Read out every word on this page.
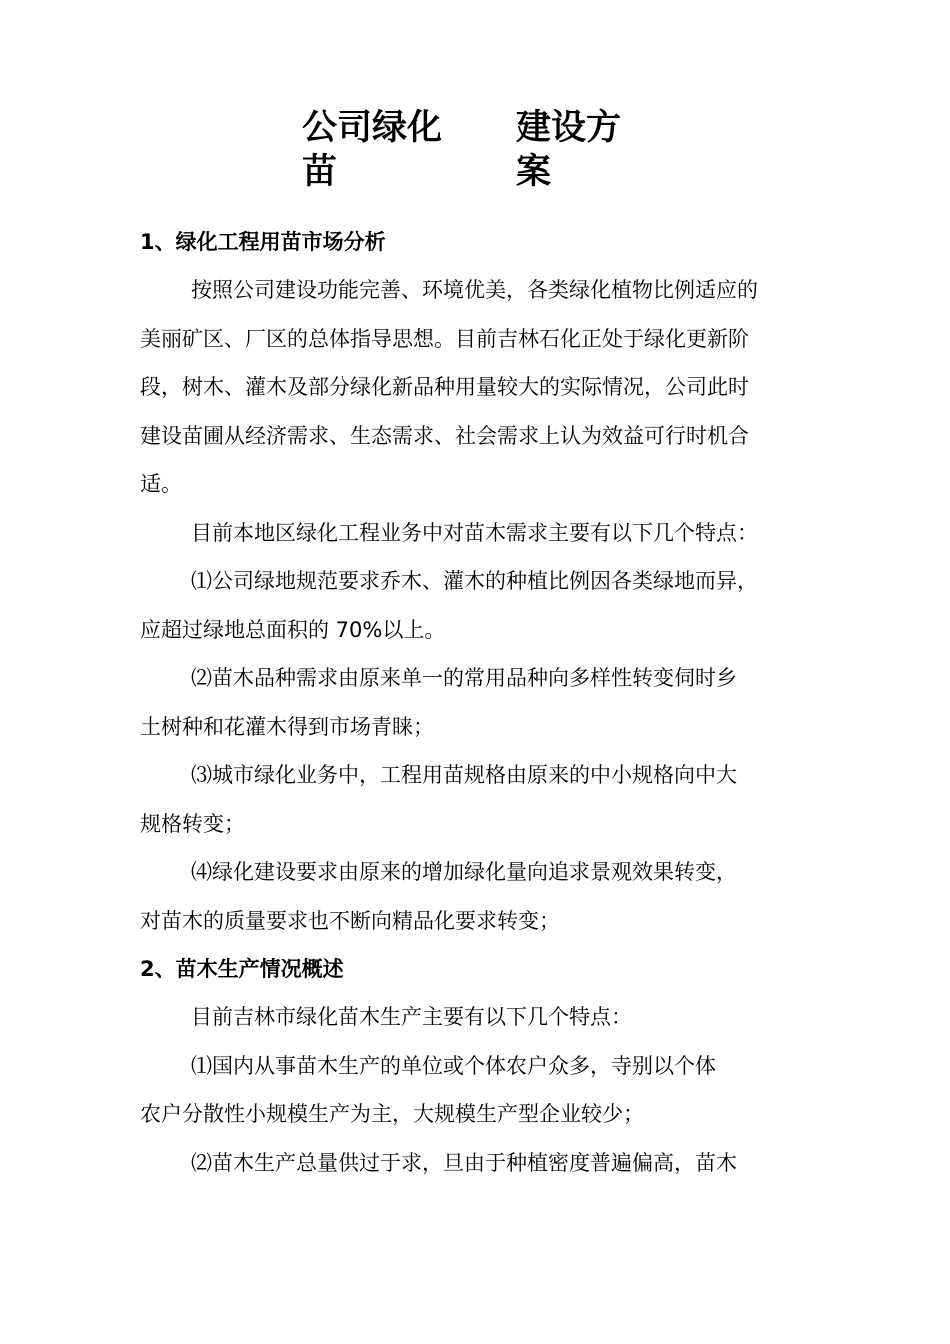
公司绿化
苗
建设方
案
1、绿化工程用苗市场分析
按照公司建设功能完善、环境优美，各类绿化植物比例适应的
美丽矿区、厂区的总体指导思想。目前吉林石化正处于绿化更新阶
段，树木、灌木及部分绿化新品种用量较大的实际情况，公司此时
建设苗圃从经济需求、生态需求、社会需求上认为效益可行时机合
适。
目前本地区绿化工程业务中对苗木需求主要有以下几个特点：
⑴公司绿地规范要求乔木、灌木的种植比例因各类绿地而异，
应超过绿地总面积的 70%以上。
⑵苗木品种需求由原来单一的常用品种向多样性转变伺时乡
土树种和花灌木得到市场青睐；
⑶城市绿化业务中，工程用苗规格由原来的中小规格向中大
规格转变；
⑷绿化建设要求由原来的增加绿化量向追求景观效果转变，
对苗木的质量要求也不断向精品化要求转变；
2、苗木生产情况概述
目前吉林市绿化苗木生产主要有以下几个特点：
⑴国内从事苗木生产的单位或个体农户众多，寺别以个体
农户分散性小规模生产为主，大规模生产型企业较少；
⑵苗木生产总量供过于求，旦由于种植密度普遍偏高，苗木
